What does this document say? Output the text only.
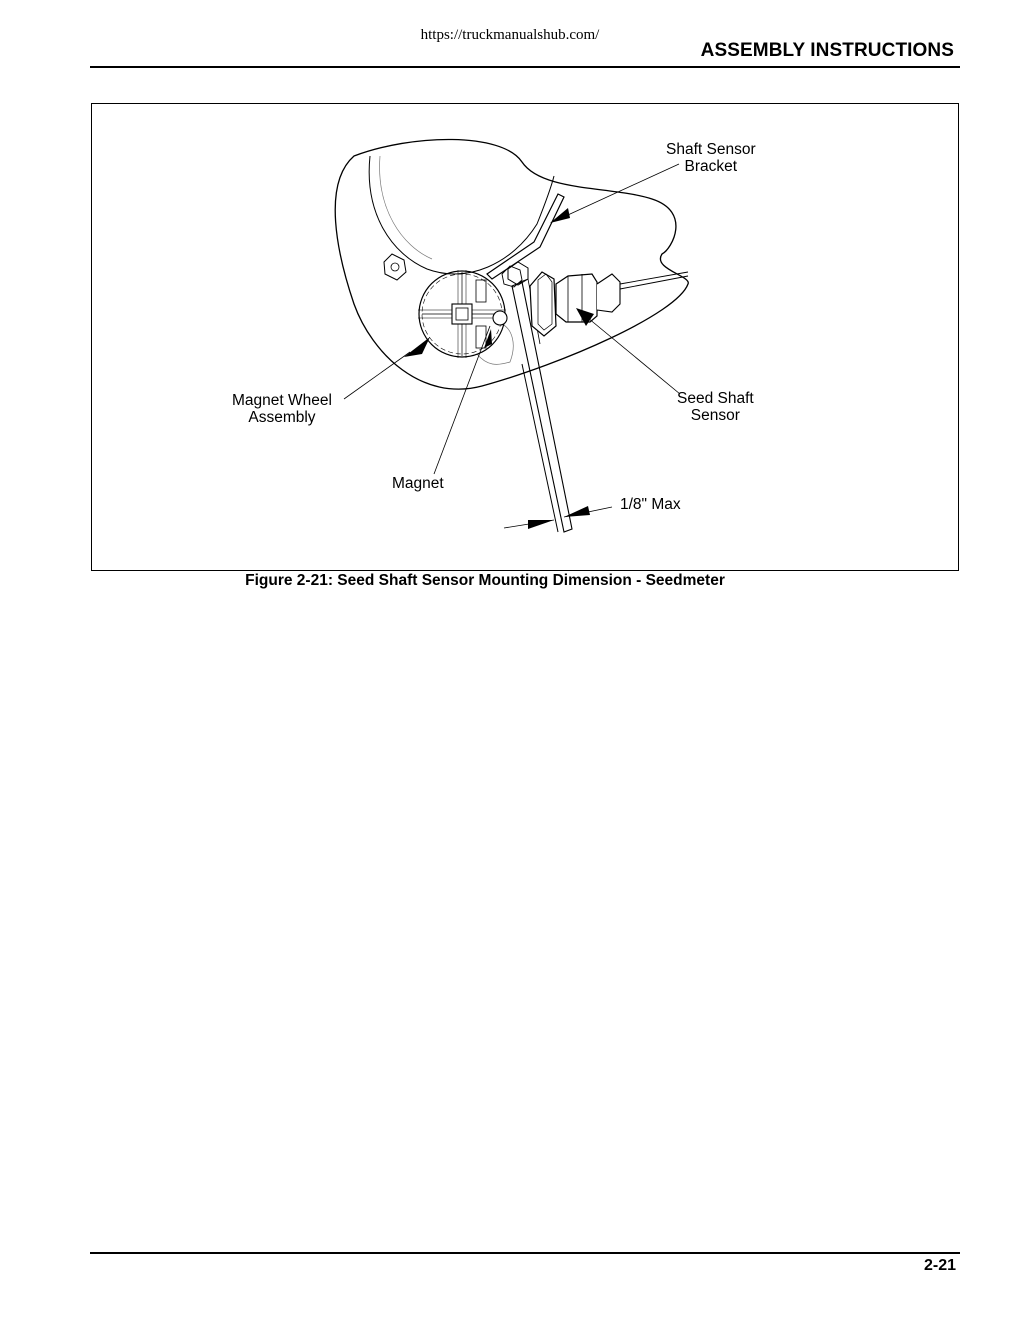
https://truckmanualshub.com/
ASSEMBLY INSTRUCTIONS
Shaft Sensor
Bracket
Seed Shaft
Sensor
Magnet Wheel
Assembly
Magnet
1/8" Max
Figure 2-21: Seed Shaft Sensor Mounting Dimension - Seedmeter
2-21
